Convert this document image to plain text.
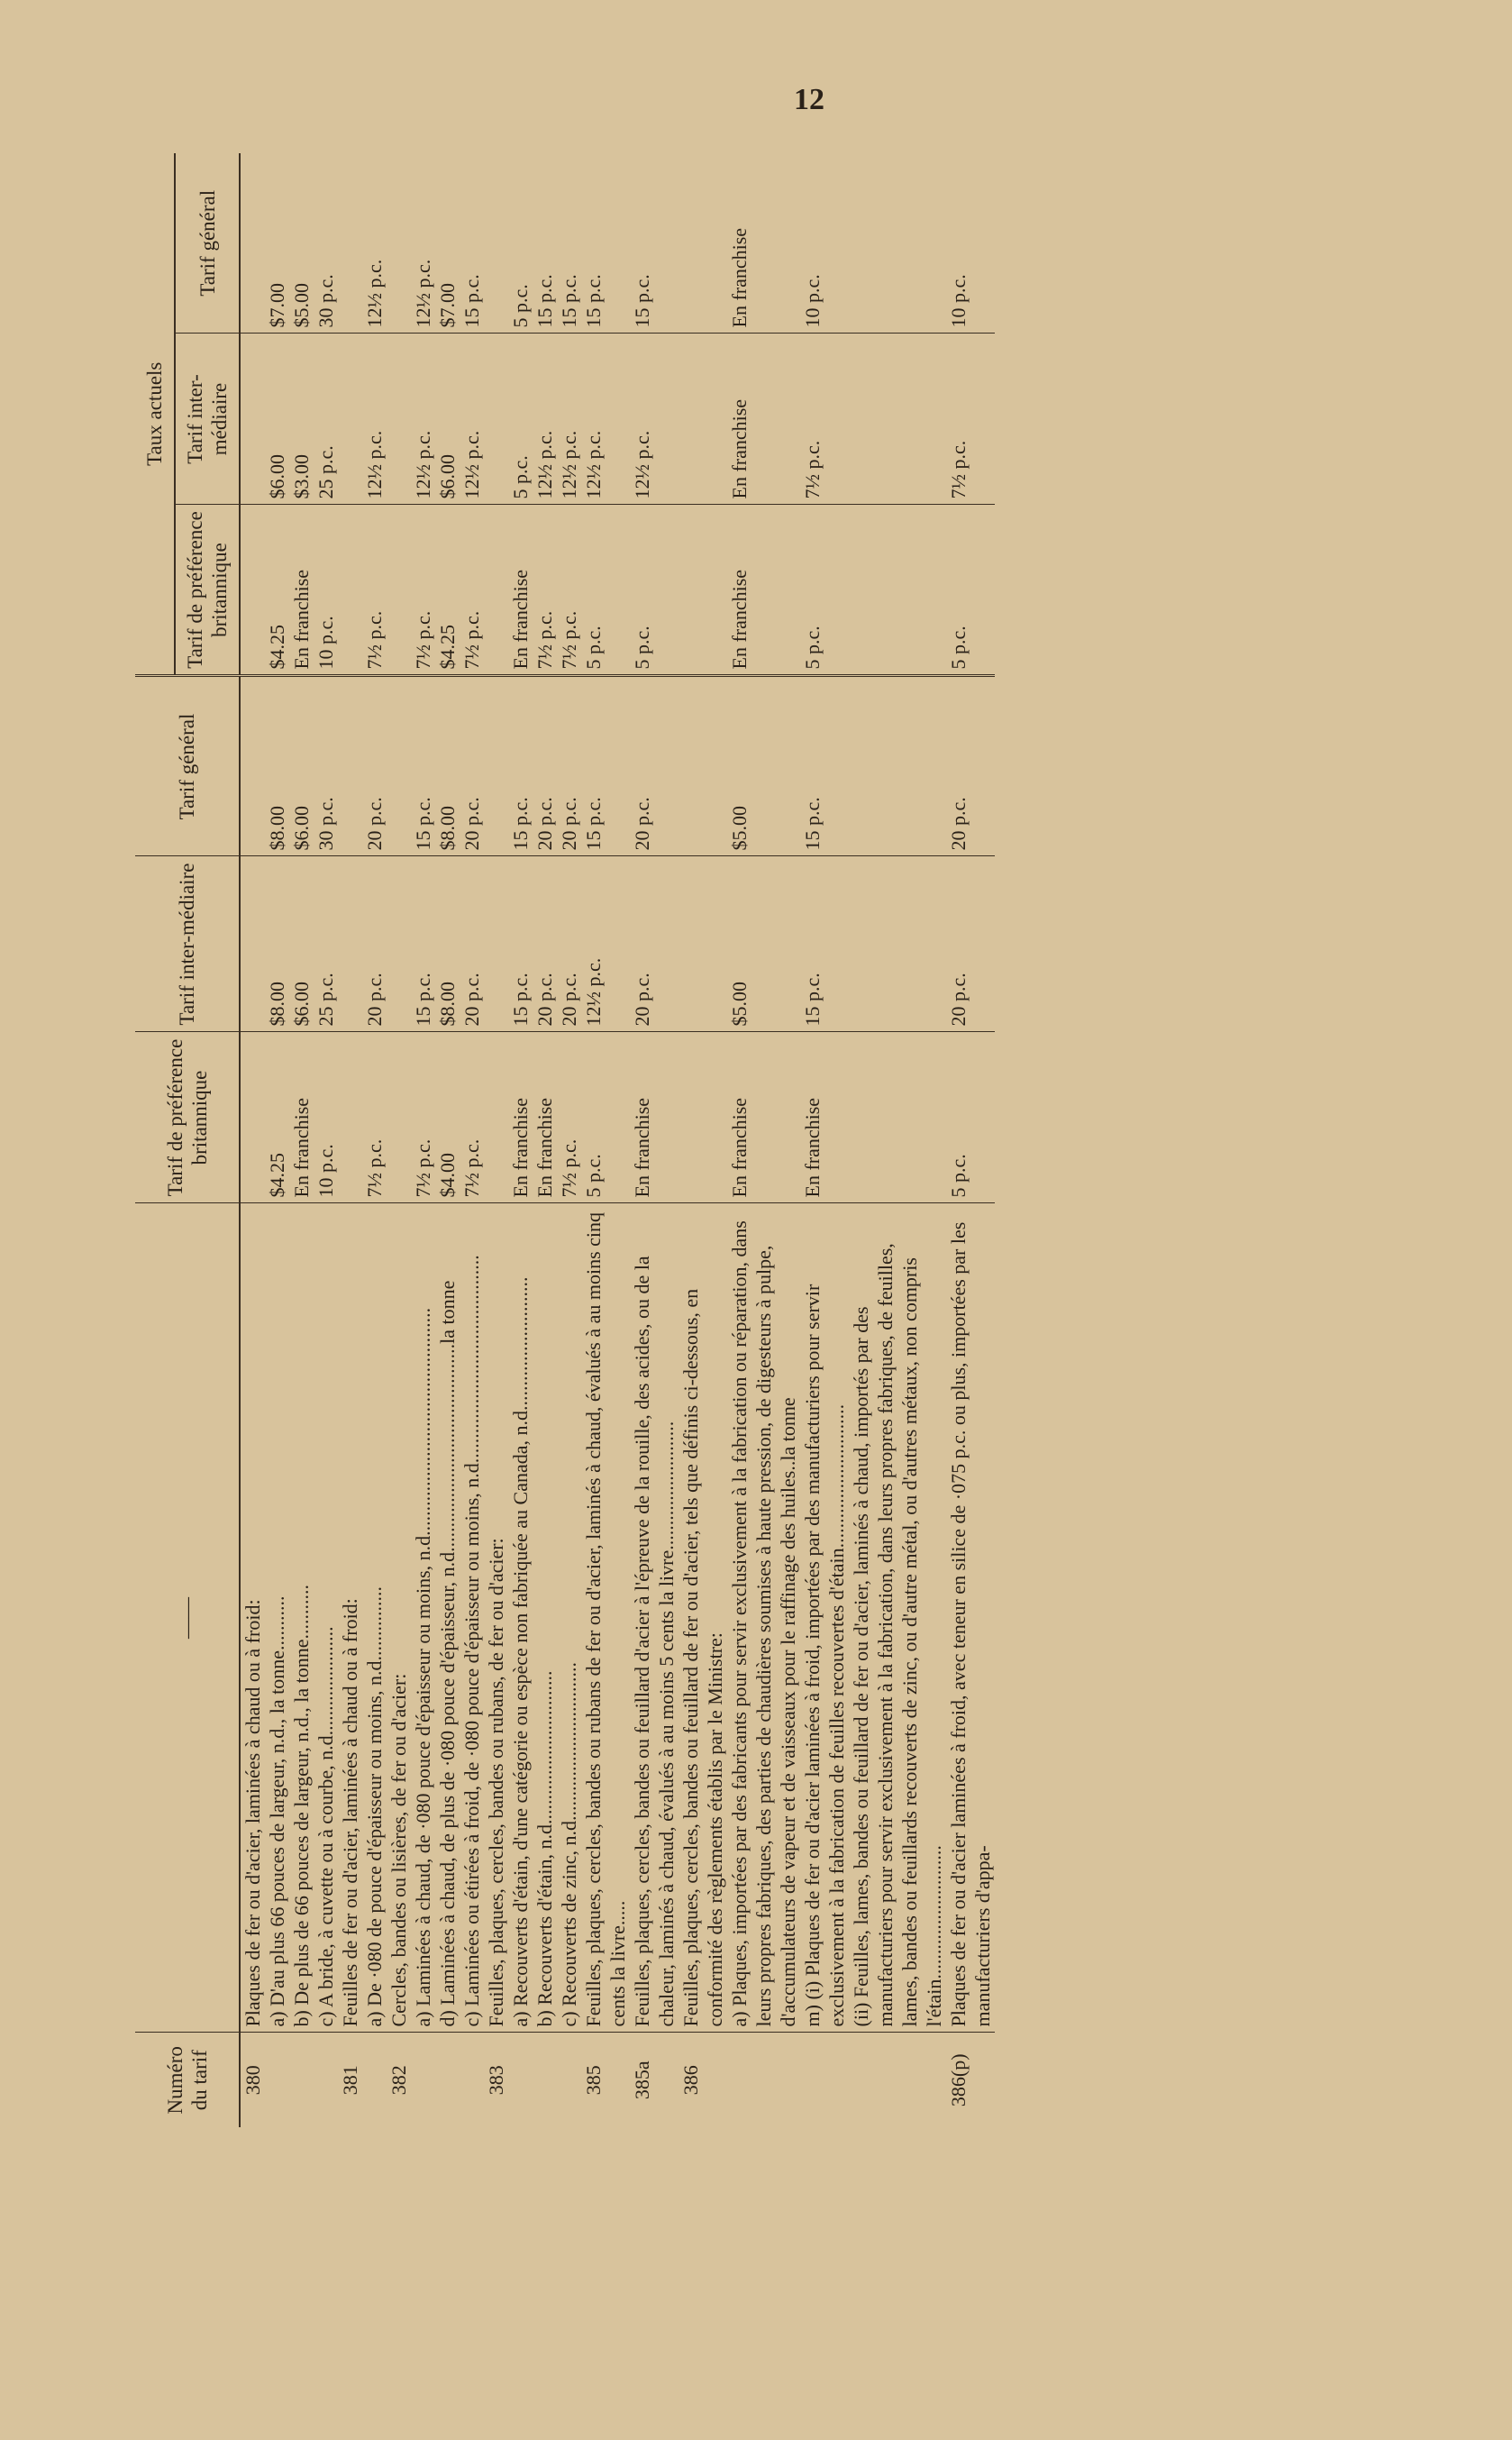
12
Numéro du tarif	——	Tarif de préférence britannique	Tarif inter-médiaire	Tarif général	Taux actuels		
					Tarif de préférence britannique	Tarif inter-médiaire	Tarif général
380	Plaques de fer ou d'acier, laminées à chaud ou à froid:						
	a) D'au plus 66 pouces de largeur, n.d., la tonne...........	$4.25	$8.00	$8.00	$4.25	$6.00	$7.00
	b) De plus de 66 pouces de largeur, n.d., la tonne...........	En franchise	$6.00	$6.00	En franchise	$3.00	$5.00
	c) A bride, à cuvette ou à courbe, n.d......................	10 p.c.	25 p.c.	30 p.c.	10 p.c.	25 p.c.	30 p.c.
381	Feuilles de fer ou d'acier, laminées à chaud ou à froid:						
	a) De ·080 de pouce d'épaisseur ou moins, n.d...............	7½ p.c.	20 p.c.	20 p.c.	7½ p.c.	12½ p.c.	12½ p.c.
382	Cercles, bandes ou lisières, de fer ou d'acier:						
	a) Laminées à chaud, de ·080 pouce d'épaisseur ou moins, n.d..............................................	7½ p.c.	15 p.c.	15 p.c.	7½ p.c.	12½ p.c.	12½ p.c.
	d) Laminées à chaud, de plus de ·080 pouce d'épaisseur, n.d..........................................la tonne	$4.00	$8.00	$8.00	$4.25	$6.00	$7.00
	c) Laminées ou étirées à froid, de ·080 pouce d'épaisseur ou moins, n.d..........................................	7½ p.c.	20 p.c.	20 p.c.	7½ p.c.	12½ p.c.	15 p.c.
383	Feuilles, plaques, cercles, bandes ou rubans, de fer ou d'acier:						
	a) Recouverts d'étain, d'une catégorie ou espèce non fabriquée au Canada, n.d...........................	En franchise	15 p.c.	15 p.c.	En franchise	5 p.c.	5 p.c.
	b) Recouverts d'étain, n.d...............................	En franchise	20 p.c.	20 p.c.	7½ p.c.	12½ p.c.	15 p.c.
	c) Recouverts de zinc, n.d................................	7½ p.c.	20 p.c.	20 p.c.	7½ p.c.	12½ p.c.	15 p.c.
385	Feuilles, plaques, cercles, bandes ou rubans de fer ou d'acier, laminés à chaud, évalués à au moins cinq cents la livre.....	5 p.c.	12½ p.c.	15 p.c.	5 p.c.	12½ p.c.	15 p.c.
385a	Feuilles, plaques, cercles, bandes ou feuillard d'acier à l'épreuve de la rouille, des acides, ou de la chaleur, laminés à chaud, évalués à au moins 5 cents la livre..........................	En franchise	20 p.c.	20 p.c.	5 p.c.	12½ p.c.	15 p.c.
386	Feuilles, plaques, cercles, bandes ou feuillard de fer ou d'acier, tels que définis ci-dessous, en conformité des règlements établis par le Ministre:						
	a) Plaques, importées par des fabricants pour servir exclusivement à la fabrication ou réparation, dans leurs propres fabriques, des parties de chaudières soumises à haute pression, de digesteurs à pulpe, d'accumulateurs de vapeur et de vaisseaux pour le raffinage des huiles..la tonne	En franchise	$5.00	$5.00	En franchise	En franchise	En franchise
	m) (i) Plaques de fer ou d'acier laminées à froid, importées par des manufacturiers pour servir exclusivement à la fabrication de feuilles recouvertes d'étain.............................	En franchise	15 p.c.	15 p.c.	5 p.c.	7½ p.c.	10 p.c.
	(ii) Feuilles, lames, bandes ou feuillard de fer ou d'acier, laminés à chaud, importés par des manufacturiers pour servir exclusivement à la fabrication, dans leurs propres fabriques, de feuilles, lames, bandes ou feuillards recouverts de zinc, ou d'autre métal, ou d'autres métaux, non compris l'étain...........................						
386(p)	Plaques de fer ou d'acier laminées à froid, avec teneur en silice de ·075 p.c. ou plus, importées par les manufacturiers d'appa-	5 p.c.	20 p.c.	20 p.c.	5 p.c.	7½ p.c.	10 p.c.
